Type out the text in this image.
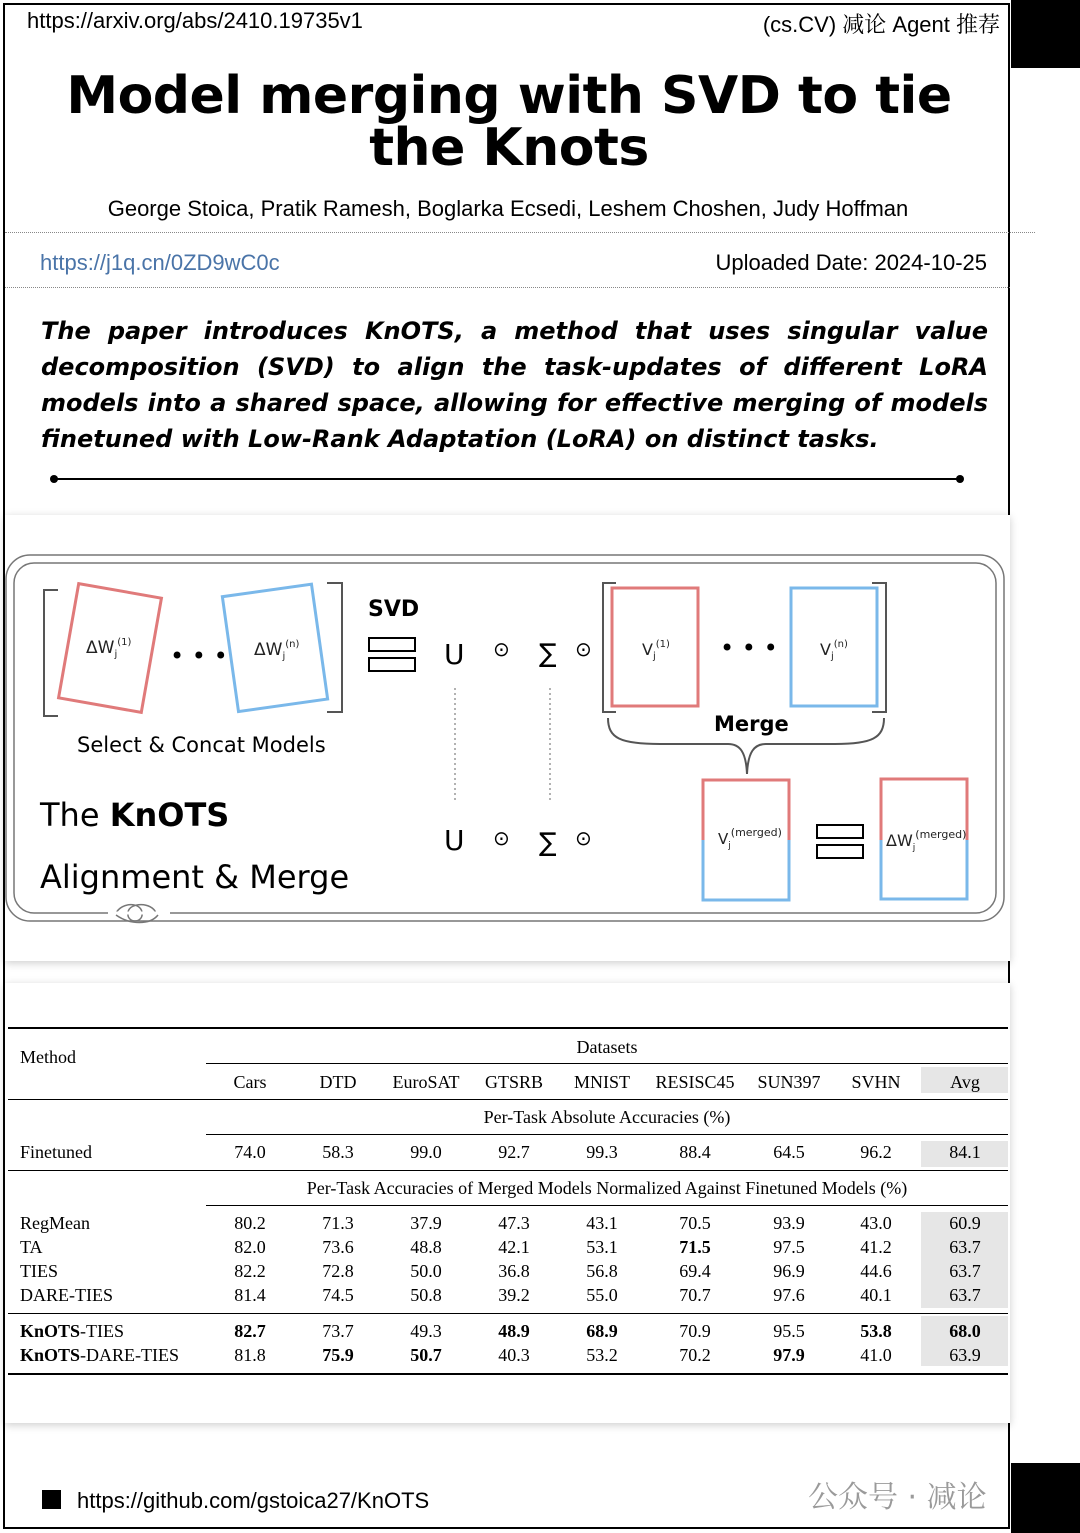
https://arxiv.org/abs/2410.19735v1	(cs.CV) 减论 Agent 推荐
Model merging with SVD to tie the Knots
George Stoica, Pratik Ramesh, Boglarka Ecsedi, Leshem Choshen, Judy Hoffman
https://j1q.cn/0ZD9wC0c	Uploaded Date: 2024-10-25
The paper introduces KnOTS, a method that uses singular value decomposition (SVD) to align the task-updates of different LoRA models into a shared space, allowing for effective merging of models finetuned with Low-Rank Adaptation (LoRA) on distinct tasks.
$\Delta W_j^{(1)}$ • • • $\Delta W_j^{(n)}$
Select & Concat Models
SVD
U ⊙ ∑ ⊙	$V_j^{(1)}$ • • •	$V_j^{(n)}$
Merge
The KnOTS
Alignment & Merge
U ⊙ ∑ ⊙	$V_j^{(merged)}$	$\Delta W_j^{(merged)}$
Method	Datasets
Cars	DTD EuroSAT GTSRB MNIST RESISC45 SUN397 SVHN	Avg
Per-Task Absolute Accuracies (%)
Finetuned	74.0	58.3	99.0	92.7	99.3	88.4	64.5	96.2	84.1
Per-Task Accuracies of Merged Models Normalized Against Finetuned Models (%)
RegMean	80.2	71.3	37.9	47.3	43.1	70.5	93.9	43.0	60.9
TA	82.0	73.6	48.8	42.1	53.1	71.5	97.5	41.2	63.7
TIES	82.2	72.8	50.0	36.8	56.8	69.4	96.9	44.6	63.7
DARE-TIES	81.4	74.5	50.8	39.2	55.0	70.7	97.6	40.1	63.7
KnOTS-TIES	82.7	73.7	49.3	48.9	68.9	70.9	95.5	53.8	68.0
KnOTS-DARE-TIES	81.8	75.9	50.7	40.3	53.2	70.2	97.9	41.0	63.9
https://github.com/gstoica27/KnOTS	公众号 · 减论
